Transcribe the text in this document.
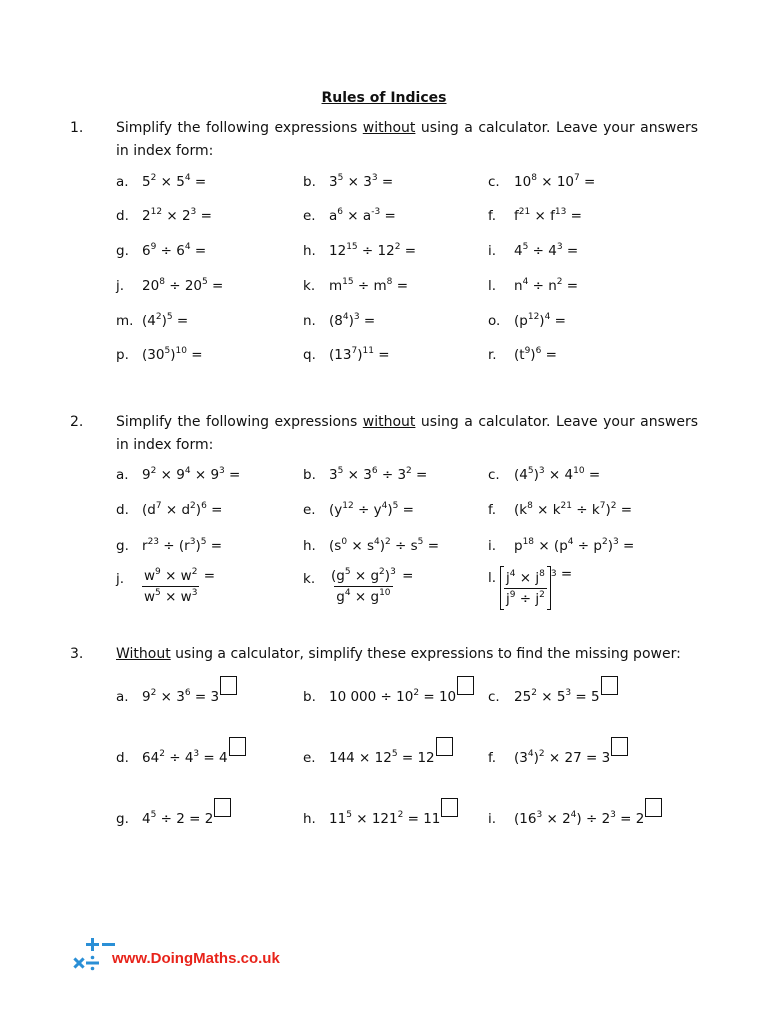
Rules of Indices
1. Simplify the following expressions without using a calculator. Leave your answers in index form:
a. $5^2 \times 5^4$ =	b. $3^5 \times 3^3$ =	c. $10^8 \times 10^7$ =
d. $2^{12} \times 2^3$ =	e. $a^6 \times a^{-3}$ =	f. $f^{21} \times f^{13}$ =
g. $6^9 \div 6^4$ =	h. $12^{15} \div 12^2$ =	i. $4^5 \div 4^3$ =
j. $20^8 \div 20^5$ =	k. $m^{15} \div m^8$ =	l. $n^4 \div n^2$ =
m. $(4^2)^5$ =	n. $(8^4)^3$ =	o. $(p^{12})^4$ =
p. $(30^5)^{10}$ =	q. $(13^7)^{11}$ =	r. $(t^9)^6$ =
2. Simplify the following expressions without using a calculator. Leave your answers in index form:
a. $9^2 \times 9^4 \times 9^3$ =	b. $3^5 \times 3^6 \div 3^2$ =	c. $(4^5)^3 \times 4^{10}$ =
d. $(d^7 \times d^2)^6$ =	e. $(y^{12} \div y^4)^5$ =	f. $(k^8 \times k^{21} \div k^7)^2$ =
g. $r^{23} \div (r^3)^5$ =	h. $(s^0 \times s^4)^2 \div s^5$ =	i. $p^{18} \times (p^4 \div p^2)^3$ =
j. $\frac{w^9 \times w^2}{w^5 \times w^3}$ =	k. $\frac{(g^5 \times g^2)^3}{g^4 \times g^{10}}$ =	l. $\frac{j^4 \times j^8}{j^9 \div j^2} ^3$ =
3. Without using a calculator, simplify these expressions to find the missing power:
a. $9^2 \times 3^6 = 3$	b. 10 $000 \div 10^2 = 10$	c. $25^2 \times 5^3 = 5$
d. $64^2 \div 4^3 = 4$	e. $144 \times 12^5 = 12$	f. $(3^4)^2 \times 27 = 3$
g. $4^5 \div 2 = 2$	h. $11^5 \times 121^2 = 11$	i. $(16^3 \times 2^4) \div 2^3 = 2$
www.DoingMaths.co.uk
